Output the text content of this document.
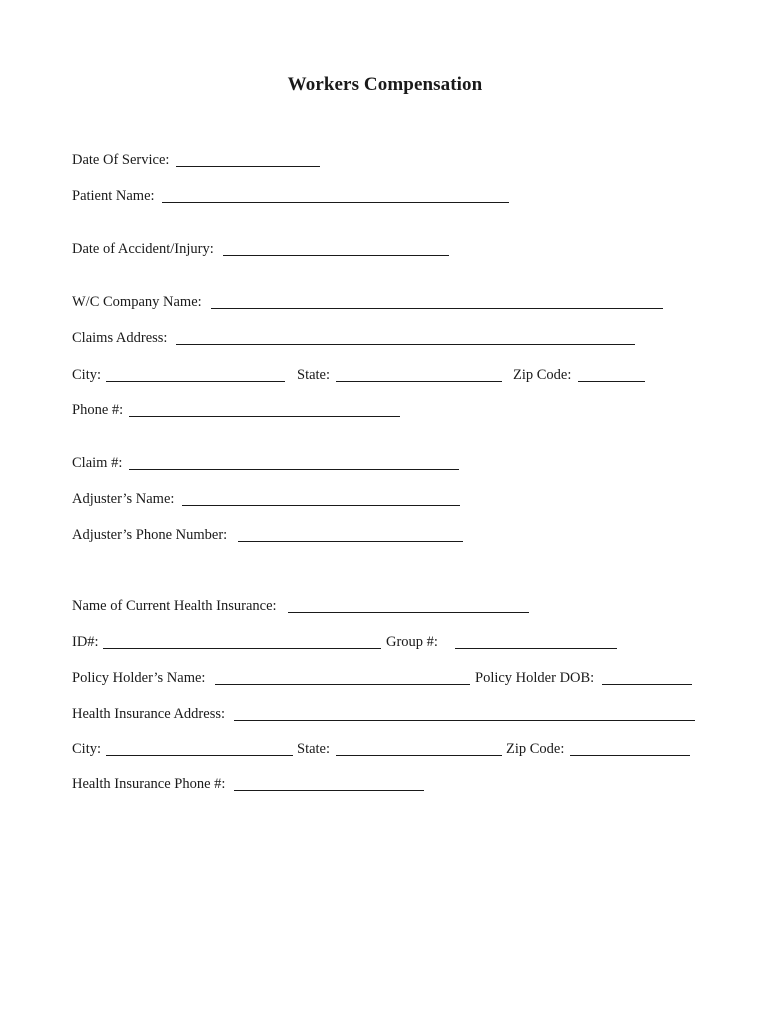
Workers Compensation
Date Of Service:
Patient Name:
Date of Accident/Injury:
W/C Company Name:
Claims Address:
City:	State:	Zip Code:
Phone #:
Claim #:
Adjuster’s Name:
Adjuster’s Phone Number:
Name of Current Health Insurance:
ID#:	Group #:
Policy Holder’s Name:	Policy Holder DOB:
Health Insurance Address:
City:	State:	Zip Code:
Health Insurance Phone #:
